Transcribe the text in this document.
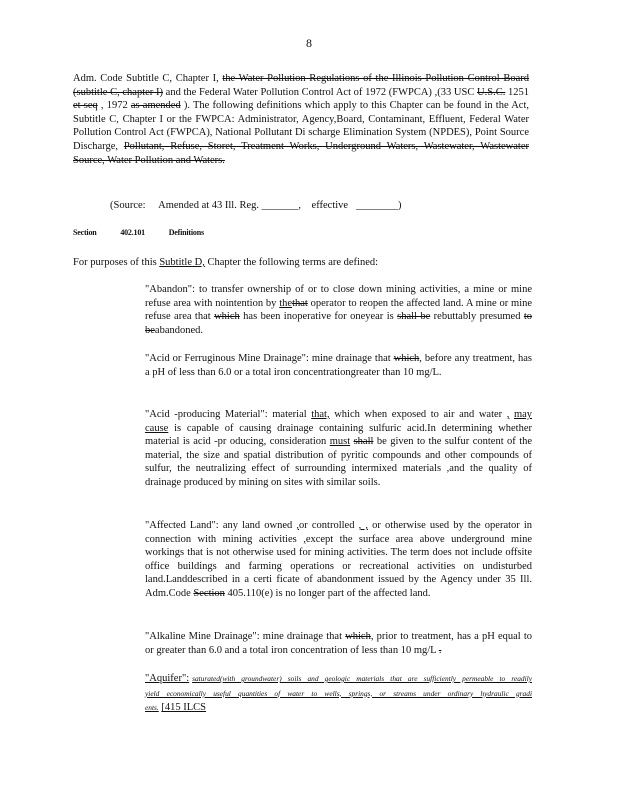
8
Adm. Code Subtitle C, Chapter I, the Water Pollution Regulations of the Illinois Pollution Control Board (subtitle C, chapter I) and the Federal Water Pollution Control Act of 1972 (FWPCA) ,(33 USC U.S.C. 1251 et seq , 1972 as amended ). The following definitions which apply to this Chapter can be found in the Act, Subtitle C, Chapter I or the FWPCA: Administrator, Agency,Board, Contaminant, Effluent, Federal Water Pollution Control Act (FWPCA), National Pollutant Di scharge Elimination System (NPDES), Point Source Discharge, Pollutant, Refuse, Storet, Treatment Works, Underground Waters, Wastewater, Wastewater Source, Water Pollution and Waters.
(Source: Amended at 43 Ill. Reg. _______, effective ________)
Section	402.101	Definitions
For purposes of this Subtitle D, Chapter the following terms are defined:
"Abandon": to transfer ownership of or to close down mining activities, a mine or mine refuse area with nointention by thethat operator to reopen the affected land. A mine or mine refuse area that which has been inoperative for oneyear is shall be rebuttably presumed to beabandoned.
"Acid or Ferruginous Mine Drainage": mine drainage that which, before any treatment, has a pH of less than 6.0 or a total iron concentrationgreater than 10 mg/L.
"Acid -producing Material": material that, which when exposed to air and water , may cause is capable of causing drainage containing sulfuric acid.In determining whether material is acid -pr oducing, consideration must shall be given to the sulfur content of the material, the size and spatial distribution of pyritic compounds and other compounds of sulfur, the neutralizing effect of surrounding intermixed materials ,and the quality of drainage produced by mining on sites with similar soils.
"Affected Land": any land owned ,or controlled , , or otherwise used by the operator in connection with mining activities ,except the surface area above underground mine workings that is not otherwise used for mining activities. The term does not include offsite office buildings and farming operations or recreational activities on undisturbed land.Landdescribed in a certi ficate of abandonment issued by the Agency under 35 Ill. Adm.Code Section 405.110(e) is no longer part of the affected land.
"Alkaline Mine Drainage": mine drainage that which, prior to treatment, has a pH equal to or greater than 6.0 and a total iron concentration of less than 10 mg/L .
"Aquifer": saturated(with groundwater) soils and geologic materials that are sufficiently permeable to readily yield economically useful quantities of water to wells, springs, or streams under ordinary hydraulic gradi ents. [415 ILCS
